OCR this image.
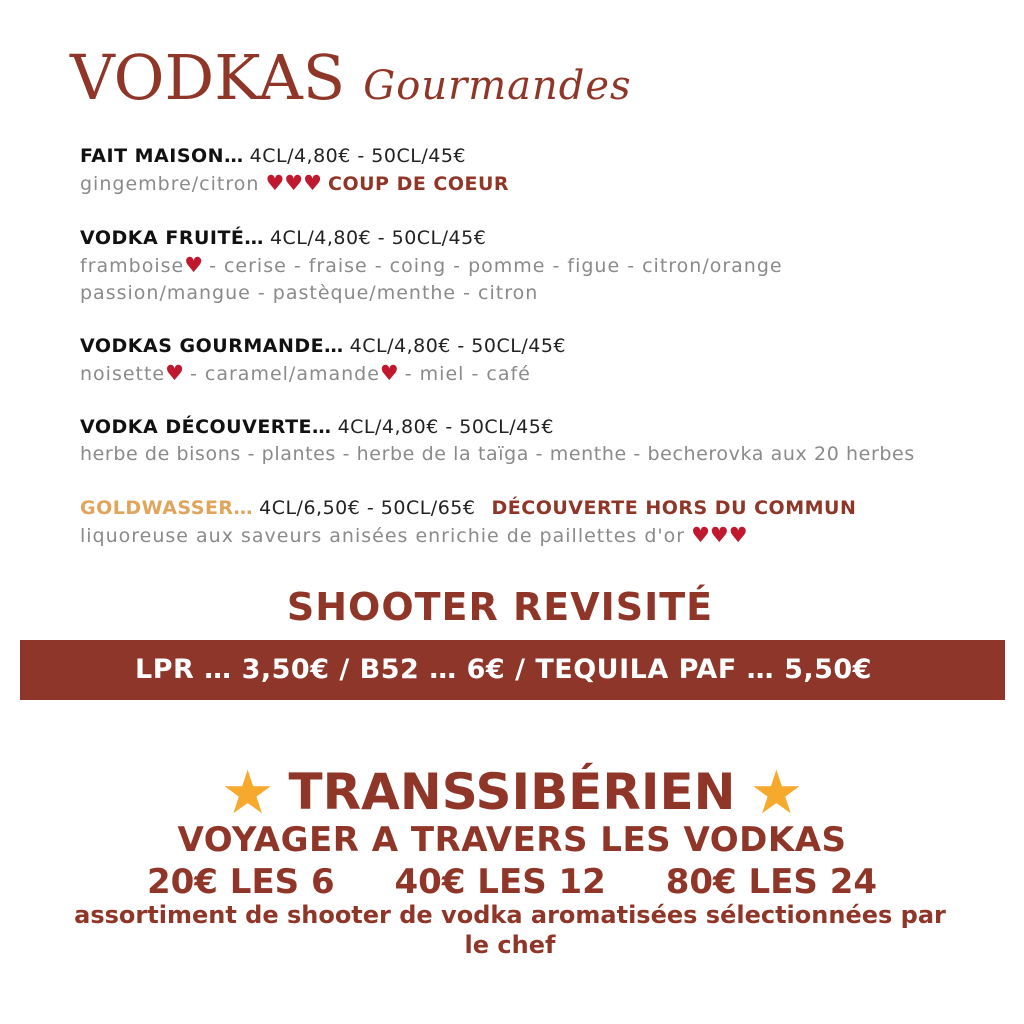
VODKAS Gourmandes
FAIT MAISON… 4CL/4,80€ - 50CL/45€
gingembre/citron ♥♥♥ COUP DE COEUR
VODKA FRUITÉ… 4CL/4,80€ - 50CL/45€
framboise♥ - cerise - fraise - coing - pomme - figue - citron/orange
passion/mangue - pastèque/menthe - citron
VODKAS GOURMANDE… 4CL/4,80€ - 50CL/45€
noisette♥ - caramel/amande♥ - miel - café
VODKA DÉCOUVERTE… 4CL/4,80€ - 50CL/45€
herbe de bisons - plantes - herbe de la taïga - menthe - becherovka aux 20 herbes
GOLDWASSER… 4CL/6,50€ - 50CL/65€ DÉCOUVERTE HORS DU COMMUN
liquoreuse aux saveurs anisées enrichie de paillettes d'or ♥♥♥
SHOOTER REVISITÉ
LPR … 3,50€ / B52 … 6€ / TEQUILA PAF … 5,50€
★ TRANSSIBÉRIEN ★
VOYAGER A TRAVERS LES VODKAS
20€ LES 6 40€ LES 12 80€ LES 24
assortiment de shooter de vodka aromatisées sélectionnées par le chef
